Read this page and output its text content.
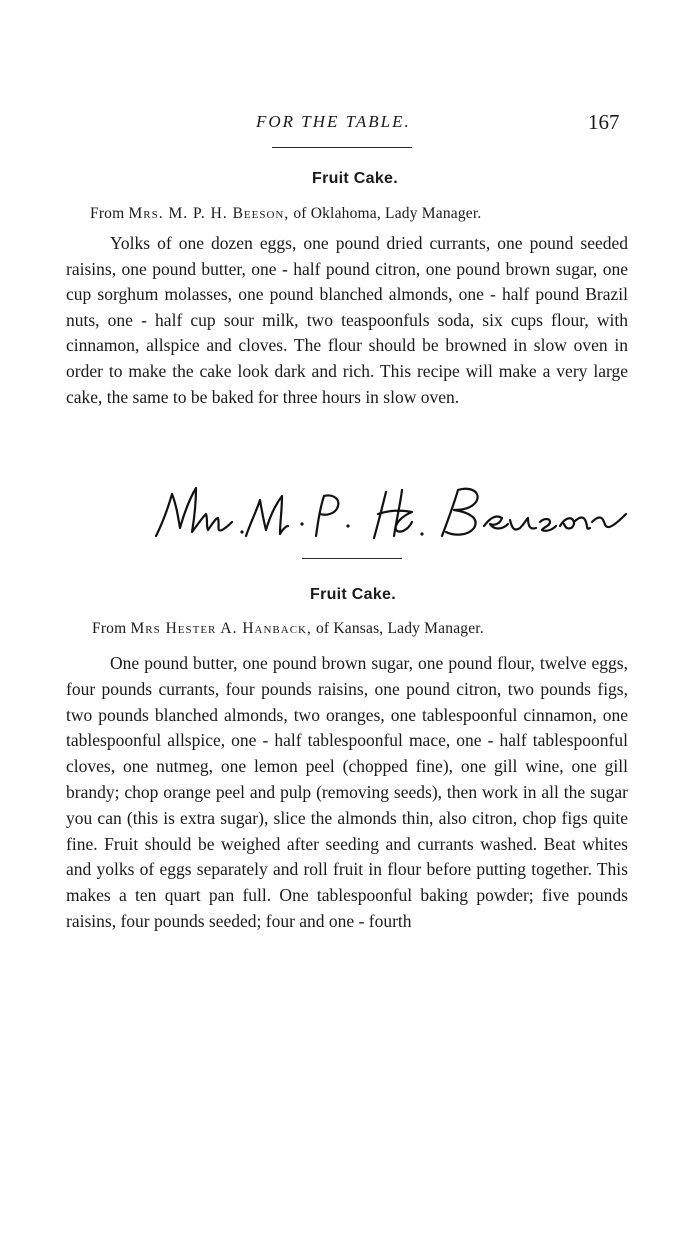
FOR THE TABLE.	167
Fruit Cake.
From Mrs. M. P. H. Beeson, of Oklahoma, Lady Manager.

Yolks of one dozen eggs, one pound dried currants, one pound seeded raisins, one pound butter, one - half pound citron, one pound brown sugar, one cup sorghum molasses, one pound blanched almonds, one - half pound Brazil nuts, one - half cup sour milk, two teaspoonfuls soda, six cups flour, with cinnamon, allspice and cloves. The flour should be browned in slow oven in order to make the cake look dark and rich. This recipe will make a very large cake, the same to be baked for three hours in slow oven.

Fruit Cake.
From Mrs Hester A. Hanback, of Kansas, Lady Manager.

One pound butter, one pound brown sugar, one pound flour, twelve eggs, four pounds currants, four pounds raisins, one pound citron, two pounds figs, two pounds blanched almonds, two oranges, one tablespoonful cinnamon, one tablespoonful allspice, one - half tablespoonful mace, one - half tablespoonful cloves, one nutmeg, one lemon peel (chopped fine), one gill wine, one gill brandy; chop orange peel and pulp (removing seeds), then work in all the sugar you can (this is extra sugar), slice the almonds thin, also citron, chop figs quite fine. Fruit should be weighed after seeding and currants washed. Beat whites and yolks of eggs separately and roll fruit in flour before putting together. This makes a ten quart pan full. One tablespoonful baking powder; five pounds raisins, four pounds seeded; four and one - fourth
